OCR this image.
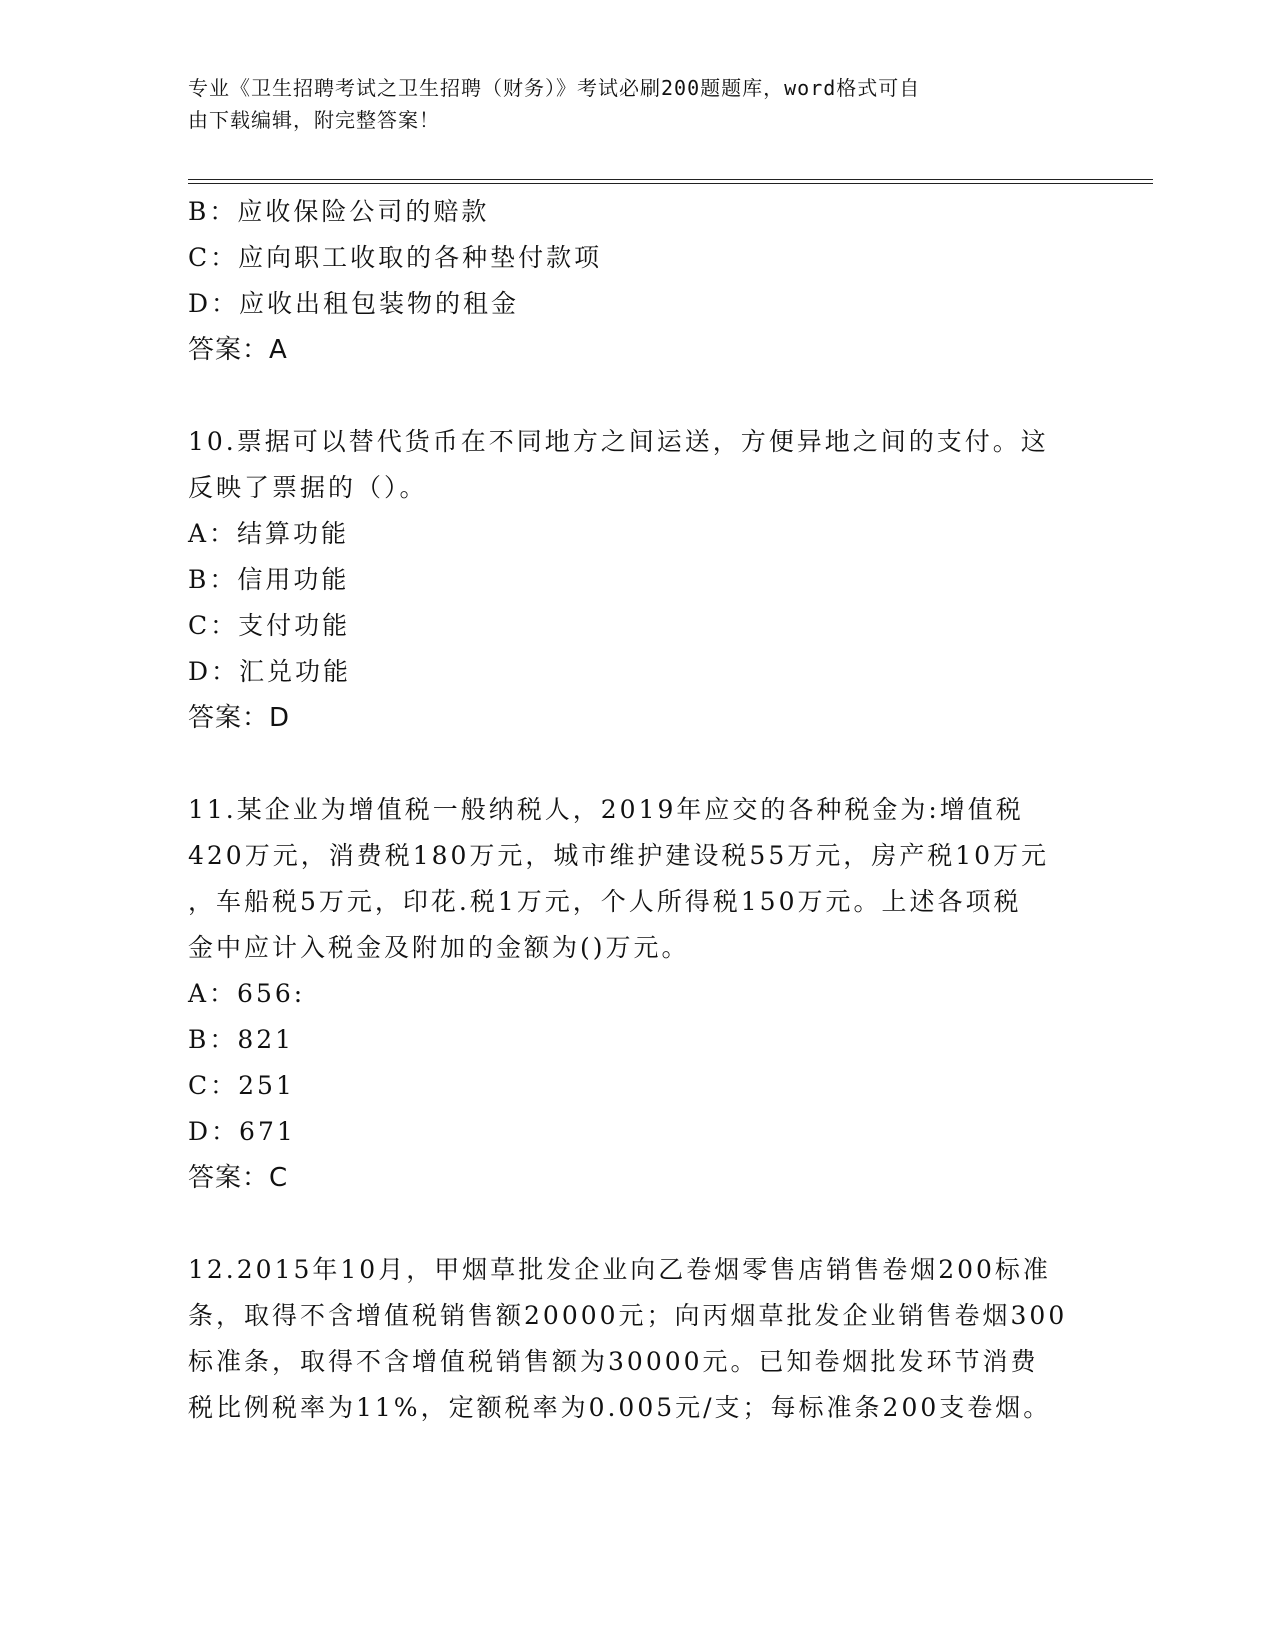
专业《卫生招聘考试之卫生招聘（财务）》考试必刷200题题库，word格式可自
由下载编辑，附完整答案！
B：应收保险公司的赔款
C：应向职工收取的各种垫付款项
D：应收出租包装物的租金
答案：A
10.票据可以替代货币在不同地方之间运送，方便异地之间的支付。这
反映了票据的（）。
A：结算功能
B：信用功能
C：支付功能
D：汇兑功能
答案：D
11.某企业为增值税一般纳税人，2019年应交的各种税金为:增值税
420万元，消费税180万元，城市维护建设税55万元，房产税10万元
，车船税5万元，印花.税1万元，个人所得税150万元。上述各项税
金中应计入税金及附加的金额为()万元。
A：656:
B：821
C：251
D：671
答案：C
12.2015年10月，甲烟草批发企业向乙卷烟零售店销售卷烟200标准
条，取得不含增值税销售额20000元；向丙烟草批发企业销售卷烟300
标准条，取得不含增值税销售额为30000元。已知卷烟批发环节消费
税比例税率为11%，定额税率为0.005元/支；每标准条200支卷烟。
